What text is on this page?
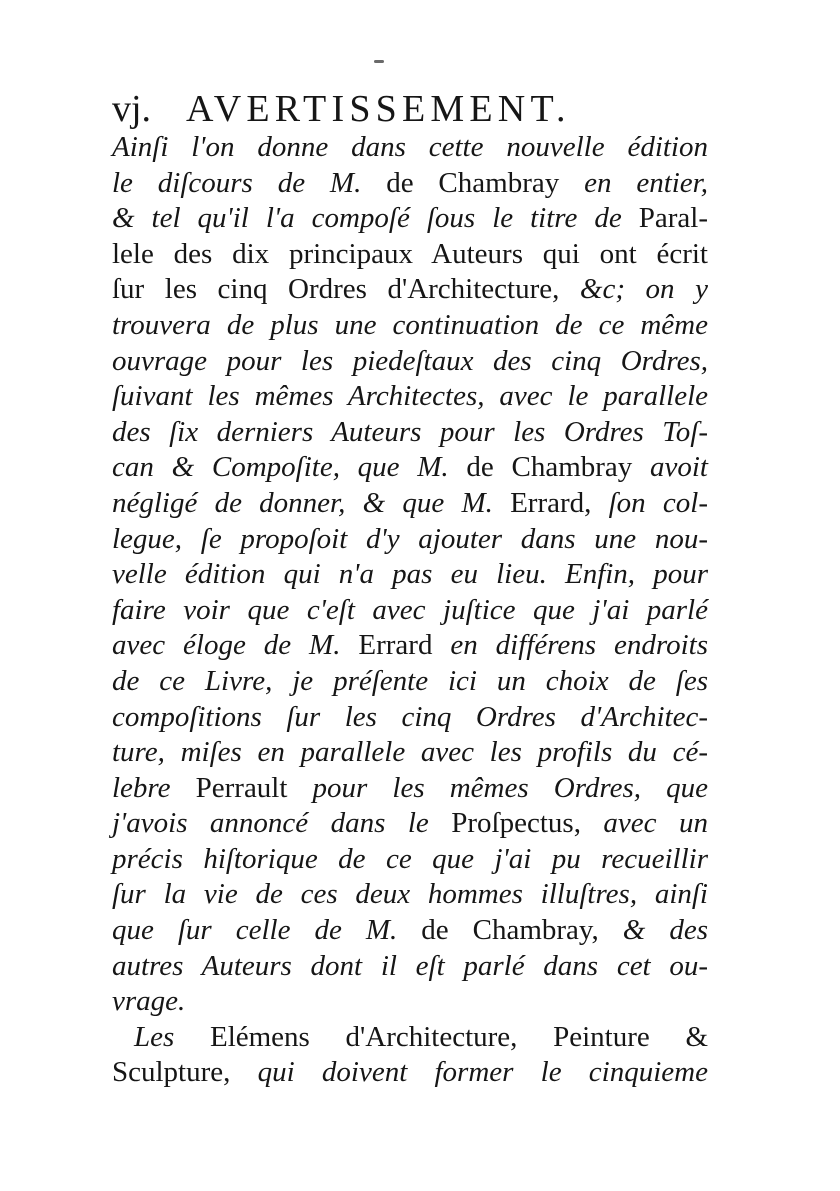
vj. AVERTISSEMENT.
Ainſi l'on donne dans cette nouvelle édition
le diſcours de M. de Chambray en entier,
& tel qu'il l'a compoſé ſous le titre de Paral-
lele des dix principaux Auteurs qui ont écrit
ſur les cinq Ordres d'Architecture, &c; on y
trouvera de plus une continuation de ce même
ouvrage pour les piedeſtaux des cinq Ordres,
ſuivant les mêmes Architectes, avec le parallele
des ſix derniers Auteurs pour les Ordres Toſ-
can & Compoſite, que M. de Chambray avoit
négligé de donner, & que M. Errard, ſon col-
legue, ſe propoſoit d'y ajouter dans une nou-
velle édition qui n'a pas eu lieu. Enfin, pour
faire voir que c'eſt avec juſtice que j'ai parlé
avec éloge de M. Errard en différens endroits
de ce Livre, je préſente ici un choix de ſes
compoſitions ſur les cinq Ordres d'Architec-
ture, miſes en parallele avec les profils du cé-
lebre Perrault pour les mêmes Ordres, que
j'avois annoncé dans le Proſpectus, avec un
précis hiſtorique de ce que j'ai pu recueillir
ſur la vie de ces deux hommes illuſtres, ainſi
que ſur celle de M. de Chambray, & des
autres Auteurs dont il eſt parlé dans cet ou-
vrage.
Les Elémens d'Architecture, Peinture &
Sculpture, qui doivent former le cinquieme
